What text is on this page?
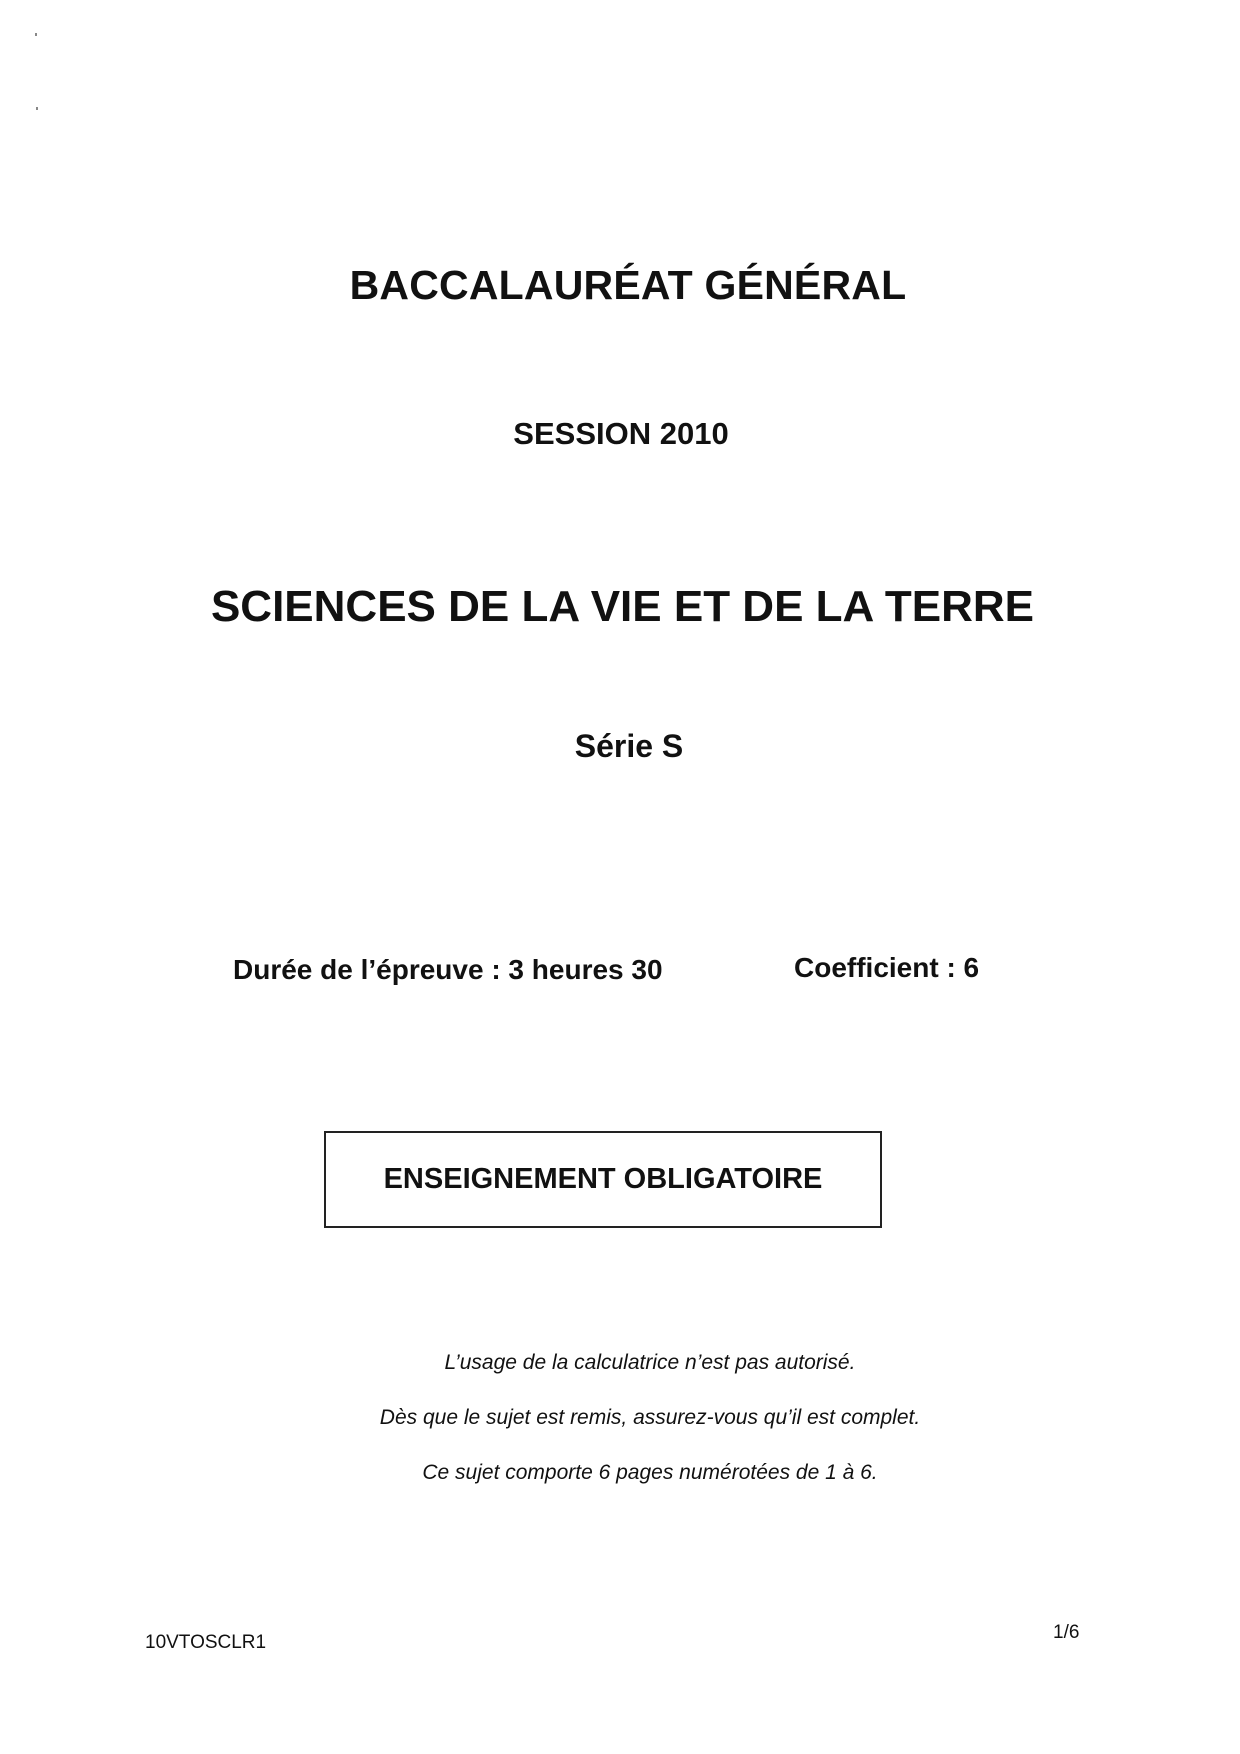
BACCALAURÉAT GÉNÉRAL
SESSION 2010
SCIENCES DE LA VIE ET DE LA TERRE
Série S
Durée de l’épreuve : 3 heures 30	Coefficient : 6
ENSEIGNEMENT OBLIGATOIRE
L’usage de la calculatrice n’est pas autorisé.
Dès que le sujet est remis, assurez-vous qu’il est complet.
Ce sujet comporte 6 pages numérotées de 1 à 6.
10VTOSCLR1	1/6
